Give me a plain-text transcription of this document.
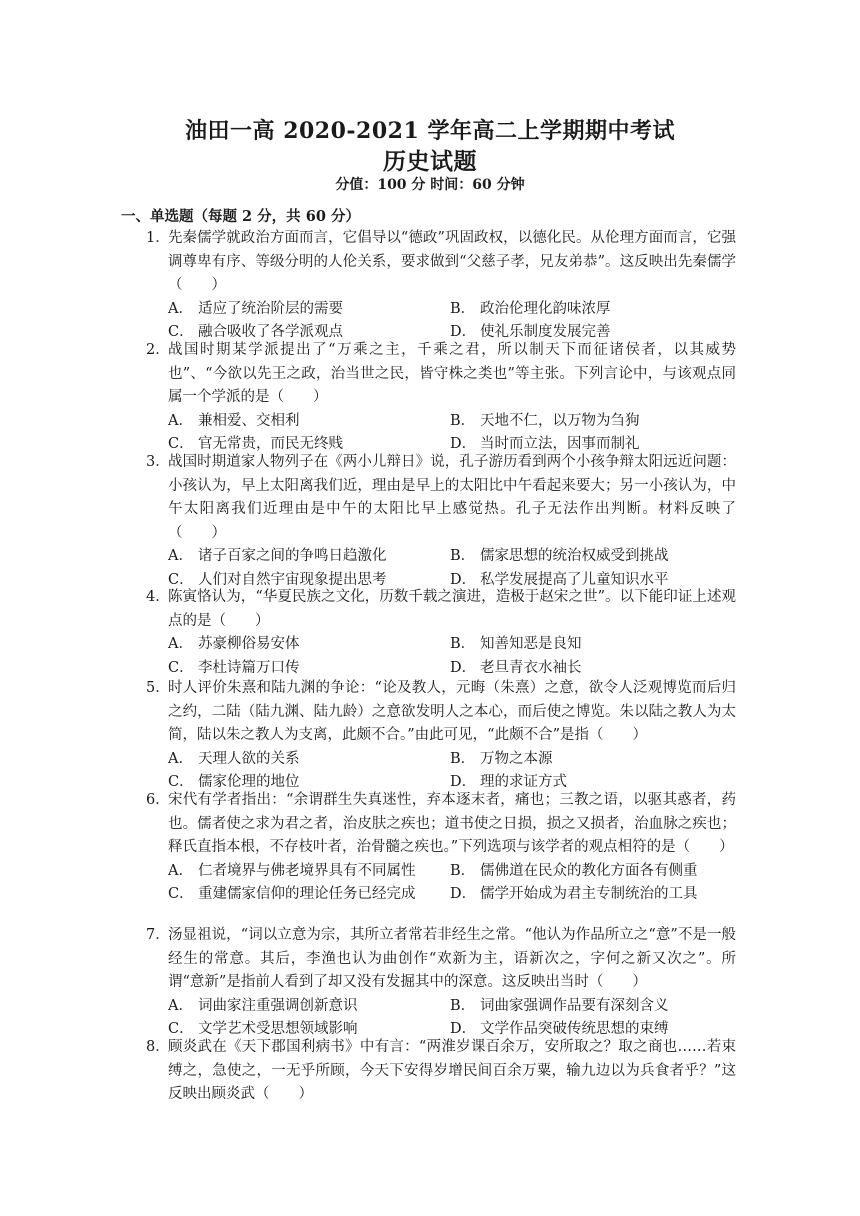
油田一高 2020-2021 学年高二上学期期中考试
历史试题
分值：100 分 时间：60 分钟
一、单选题（每题 2 分，共 60 分）
1．
先秦儒学就政治方面而言，它倡导以“德政”巩固政权，以德化民。从伦理方面而言，它强调尊卑有序、等级分明的人伦关系，要求做到“父慈子孝，兄友弟恭”。这反映出先秦儒学（　　）
A． 适应了统治阶层的需要	B． 政治伦理化韵味浓厚
C． 融合吸收了各学派观点	D． 使礼乐制度发展完善
2．
战国时期某学派提出了“万乘之主，千乘之君，所以制天下而征诸侯者，以其威势也”、“今欲以先王之政，治当世之民，皆守株之类也”等主张。下列言论中，与该观点同属一个学派的是（　　）
A． 兼相爱、交相利	B． 天地不仁，以万物为刍狗
C． 官无常贵，而民无终贱	D． 当时而立法，因事而制礼
3．
战国时期道家人物列子在《两小儿辩日》说，孔子游历看到两个小孩争辩太阳远近问题：小孩认为，早上太阳离我们近，理由是早上的太阳比中午看起来要大；另一小孩认为，中午太阳离我们近理由是中午的太阳比早上感觉热。孔子无法作出判断。材料反映了（　　）
A． 诸子百家之间的争鸣日趋激化	B． 儒家思想的统治权威受到挑战
C． 人们对自然宇宙现象提出思考	D． 私学发展提高了儿童知识水平
4．
陈寅恪认为，“华夏民族之文化，历数千载之演进，造极于赵宋之世”。以下能印证上述观点的是（　　）
A． 苏豪柳俗易安体	B． 知善知恶是良知
C． 李杜诗篇万口传	D． 老旦青衣水袖长
5．
时人评价朱熹和陆九渊的争论：“论及教人，元晦（朱熹）之意，欲令人泛观博览而后归之约，二陆（陆九渊、陆九龄）之意欲发明人之本心，而后使之博览。朱以陆之教人为太简，陆以朱之教人为支离，此颇不合。”由此可见，“此颇不合”是指（　　）
A． 天理人欲的关系	B． 万物之本源
C． 儒家伦理的地位	D． 理的求证方式
6．
宋代有学者指出：“余谓群生失真迷性，弃本逐末者，痛也；三教之语，以驱其惑者，药也。儒者使之求为君之者，治皮肤之疾也；道书使之日损，损之又损者，治血脉之疾也；释氏直指本根，不存枝叶者，治骨髓之疾也。”下列选项与该学者的观点相符的是（　　）
A． 仁者境界与佛老境界具有不同属性	B． 儒佛道在民众的教化方面各有侧重
C． 重建儒家信仰的理论任务已经完成	D． 儒学开始成为君主专制统治的工具
7．
汤显祖说，“词以立意为宗，其所立者常若非经生之常。“他认为作品所立之“意”不是一般经生的常意。其后，李渔也认为曲创作“欢新为主，语新次之，字何之新又次之”。所谓“意新”是指前人看到了却又没有发掘其中的深意。这反映出当时（　　）
A． 词曲家注重强调创新意识	B． 词曲家强调作品要有深刻含义
C． 文学艺术受思想领域影响	D． 文学作品突破传统思想的束缚
8．
顾炎武在《天下郡国利病书》中有言：“两淮岁课百余万，安所取之？取之商也……若束缚之，急使之，一无乎所顾，今天下安得岁增民间百余万粟，输九边以为兵食者乎？”这反映出顾炎武（　　）
